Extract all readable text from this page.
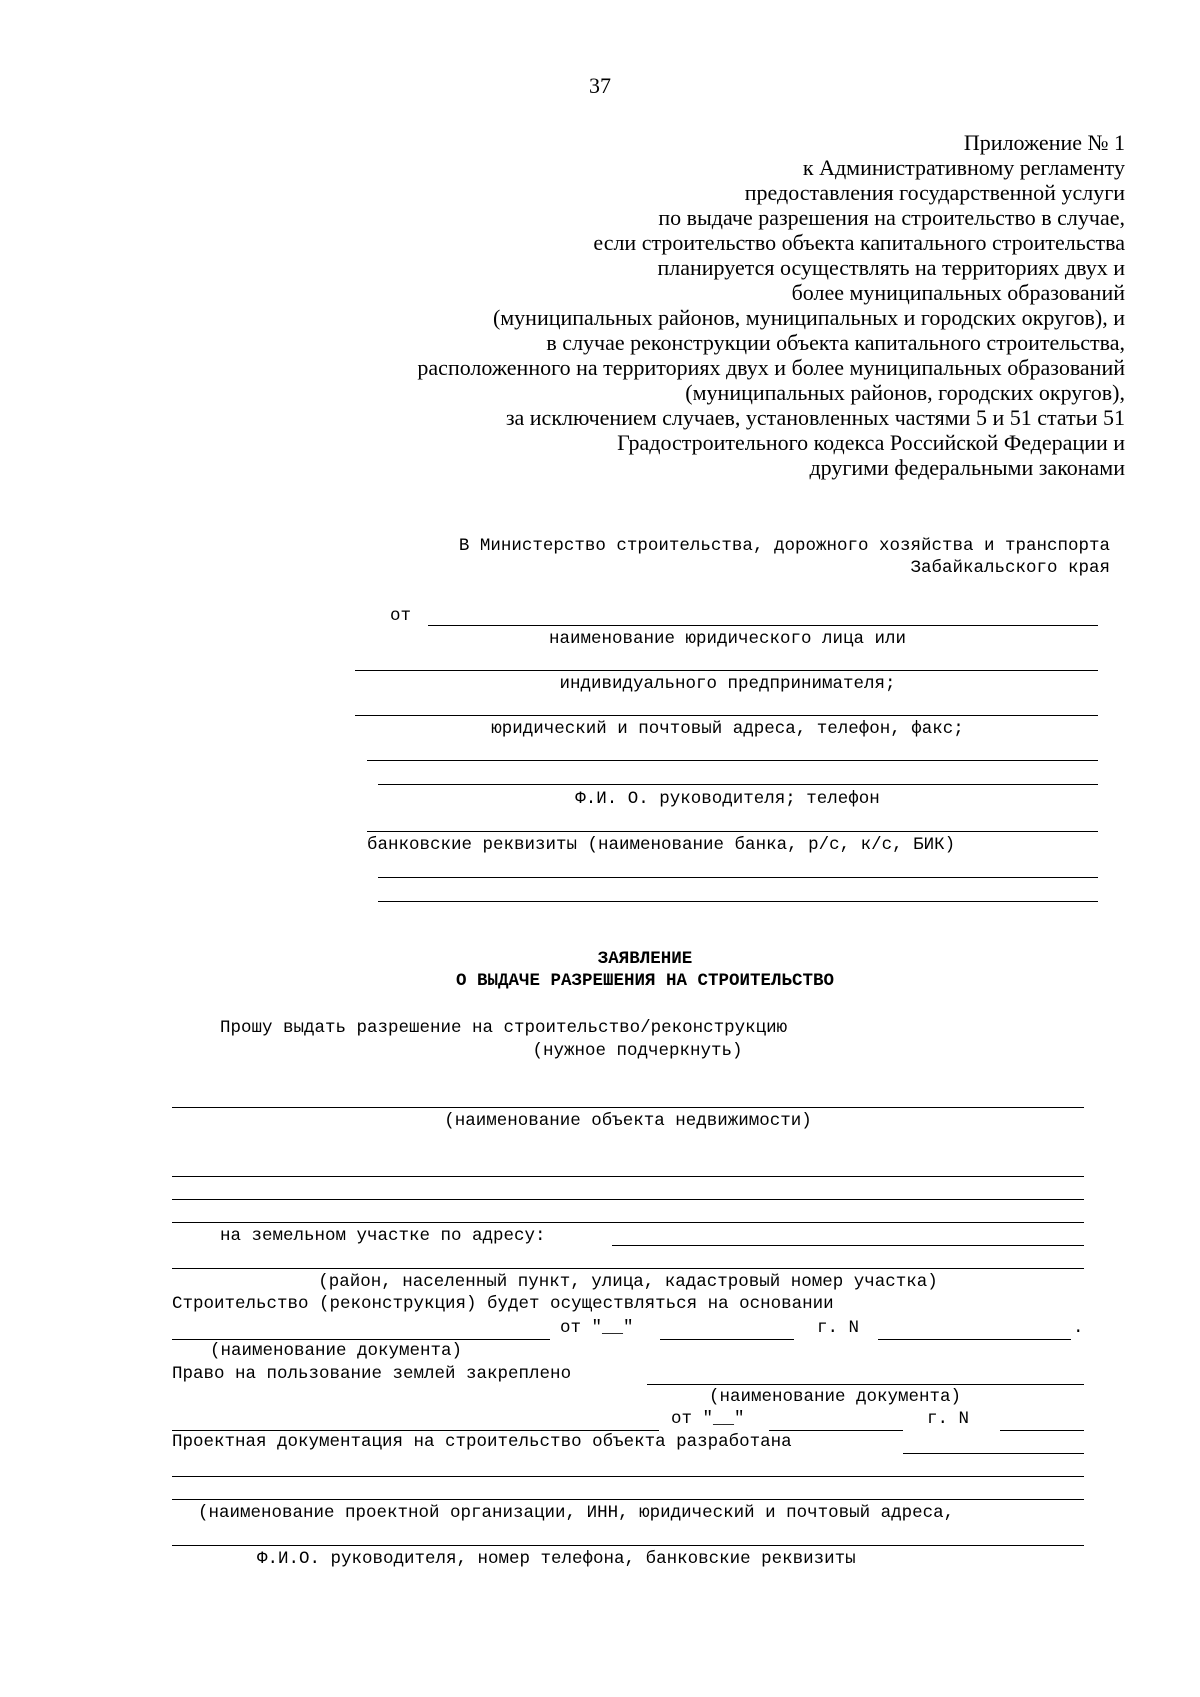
37
Приложение № 1
к Административному регламенту
предоставления государственной услуги
по выдаче разрешения на строительство в случае,
если строительство объекта капитального строительства
планируется осуществлять на территориях двух и
более муниципальных образований
(муниципальных районов, муниципальных и городских округов), и
в случае реконструкции объекта капитального строительства,
расположенного на территориях двух и более муниципальных образований
(муниципальных районов, городских округов),
за исключением случаев, установленных частями 5 и 51 статьи 51
Градостроительного кодекса Российской Федерации и
другими федеральными законами
В Министерство строительства, дорожного хозяйства и транспорта
Забайкальского края
от
наименование юридического лица или
индивидуального предпринимателя;
юридический и почтовый адреса, телефон, факс;
Ф.И. О. руководителя; телефон
банковские реквизиты (наименование банка, р/с, к/с, БИК)
ЗАЯВЛЕНИЕ
О ВЫДАЧЕ РАЗРЕШЕНИЯ НА СТРОИТЕЛЬСТВО
Прошу выдать разрешение на строительство/реконструкцию
(нужное подчеркнуть)
(наименование объекта недвижимости)
на земельном участке по адресу:
(район, населенный пункт, улица, кадастровый номер участка)
Строительство (реконструкция) будет осуществляться на основании
от "__"	г. N	.
(наименование документа)
Право на пользование землей закреплено
(наименование документа)
от "__"	г. N
Проектная документация на строительство объекта разработана
(наименование проектной организации, ИНН, юридический и почтовый адреса,
Ф.И.О. руководителя, номер телефона, банковские реквизиты
